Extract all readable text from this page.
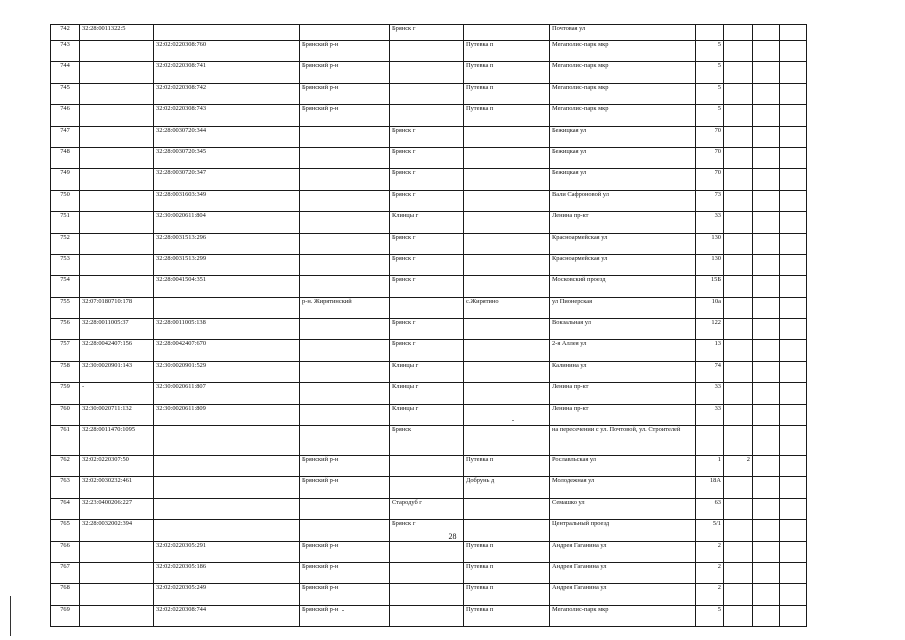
742	32:28:0011322:5			Брянск г		Почтовая ул				
743		32:02:0220308:760	Брянский р-н		Путевка п	Мегаполис-парк мкр	5			
744		32:02:0220308:741	Брянский р-н		Путевка п	Мегаполис-парк мкр	5			
745		32:02:0220308:742	Брянский р-н		Путевка п	Мегаполис-парк мкр	5			
746		32:02:0220308:743	Брянский р-н		Путевка п	Мегаполис-парк мкр	5			
747		32:28:0030720:344		Брянск г		Бежицкая ул	70			
748		32:28:0030720:345		Брянск г		Бежицкая ул	70			
749		32:28:0030720:347		Брянск г		Бежицкая ул	70			
750		32:28:0031603:349		Брянск г		Вали Сафроновой ул	73			
751		32:30:0020611:804		Клинцы г		Ленина пр-кт	33			
752		32:28:0031513:296		Брянск г		Красноармейская ул	130			
753		32:28:0031513:299		Брянск г		Красноармейская ул	130			
754		32:28:0041504:351		Брянск г		Московский проезд	15Б			
755	32:07:0180710:178		р-н. Жирятинский		с.Жирятино	ул Пионерская	10а			
756	32:28:0011005:37	32:28:0011005:138		Брянск г		Вокзальная ул	122			
757	32:28:0042407:156	32:28:0042407:670		Брянск г		2-я Аллея ул	13			
758	32:30:0020901:143	32:30:0020901:529		Клинцы г		Калинина ул	74			
759	-	32:30:0020611:807		Клинцы г		Ленина пр-кт	33			
760	32:30:0020711:132	32:30:0020611:809		Клинцы г		Ленина пр-кт	33			
761	32:28:0011470:1095			Брянск		на пересечении с ул. Почтовой, ул. Строителей				
762	32:02:0220307:50		Брянский р-н		Путевка п	Рославльская ул	1	2		
763	32:02:0030232:461		Брянский р-н		Добрунь д	Молодежная ул	18А			
764	32:23:0400206:227			Стародуб г		Семашко ул	63			
765	32:28:0032002:394			Брянск г		Центральный проезд	5/1			
766		32:02:0220305:291	Брянский р-н		Путевка п	Андрея Гаганина ул	2			
767		32:02:0220305:186	Брянский р-н		Путевка п	Андрея Гаганина ул	2			
768		32:02:0220305:249	Брянский р-н		Путевка п	Андрея Гаганина ул	2			
769		32:02:0220308:744	Брянский р-н		Путевка п	Мегаполис-парк мкр	5			
28
